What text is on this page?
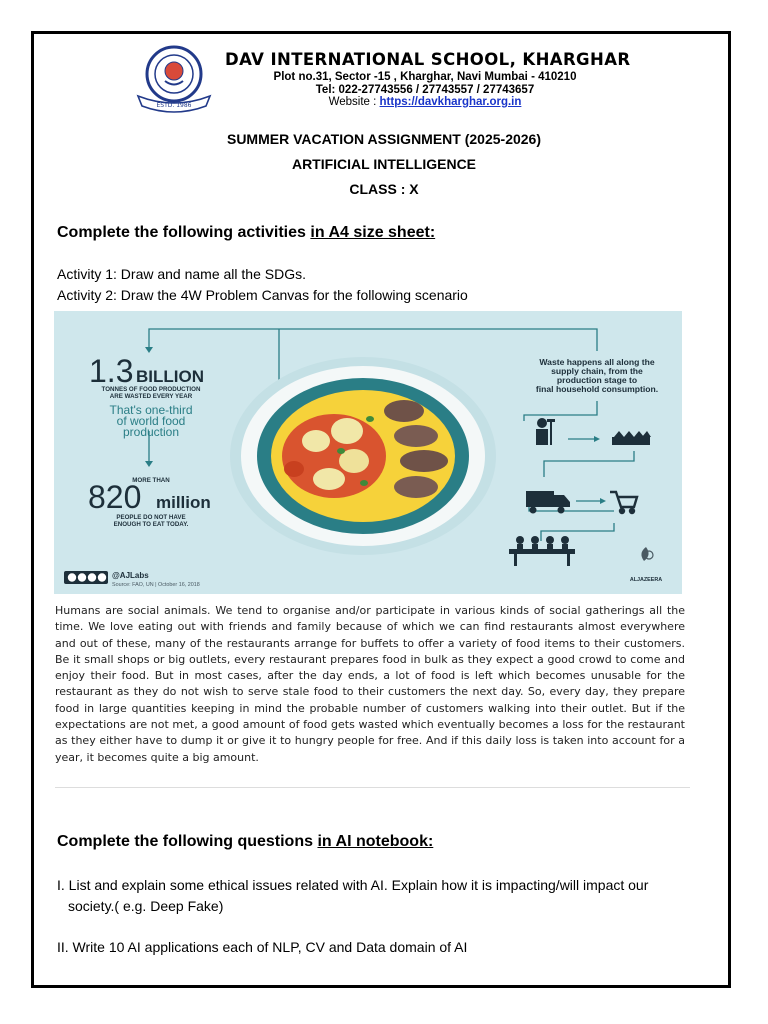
ESTD. 1986
DAV INTERNATIONAL SCHOOL, KHARGHAR
Plot no.31, Sector -15 , Kharghar, Navi Mumbai - 410210
Tel: 022-27743556 / 27743557 / 27743657
Website : https://davkharghar.org.in
SUMMER VACATION ASSIGNMENT (2025-2026)
ARTIFICIAL INTELLIGENCE
CLASS : X
Complete the following activities in A4 size sheet:
Activity 1: Draw and name all the SDGs.
Activity 2: Draw the 4W Problem Canvas for the following scenario
1.3 BILLION
TONNES OF FOOD PRODUCTION
ARE WASTED EVERY YEAR
That's one-third
of world food
production
MORE THAN
820 million
PEOPLE DO NOT HAVE
ENOUGH TO EAT TODAY.
Waste happens all along the
supply chain, from the
production stage to
final household consumption.
@AJLabs
Source: FAO, UN | October 16, 2018
ALJAZEERA

Humans are social animals. We tend to organise and/or participate in various kinds of social gatherings all the time. We love eating out with friends and family because of which we can find restaurants almost everywhere and out of these, many of the restaurants arrange for buffets to offer a variety of food items to their customers. Be it small shops or big outlets, every restaurant prepares food in bulk as they expect a good crowd to come and enjoy their food. But in most cases, after the day ends, a lot of food is left which becomes unusable for the restaurant as they do not wish to serve stale food to their customers the next day. So, every day, they prepare food in large quantities keeping in mind the probable number of customers walking into their outlet. But if the expectations are not met, a good amount of food gets wasted which eventually becomes a loss for the restaurant as they either have to dump it or give it to hungry people for free. And if this daily loss is taken into account for a year, it becomes quite a big amount.

Complete the following questions in AI notebook:
I. List and explain some ethical issues related with AI. Explain how it is impacting/will impact our
society.( e.g. Deep Fake)
II. Write 10 AI applications each of NLP, CV and Data domain of AI
